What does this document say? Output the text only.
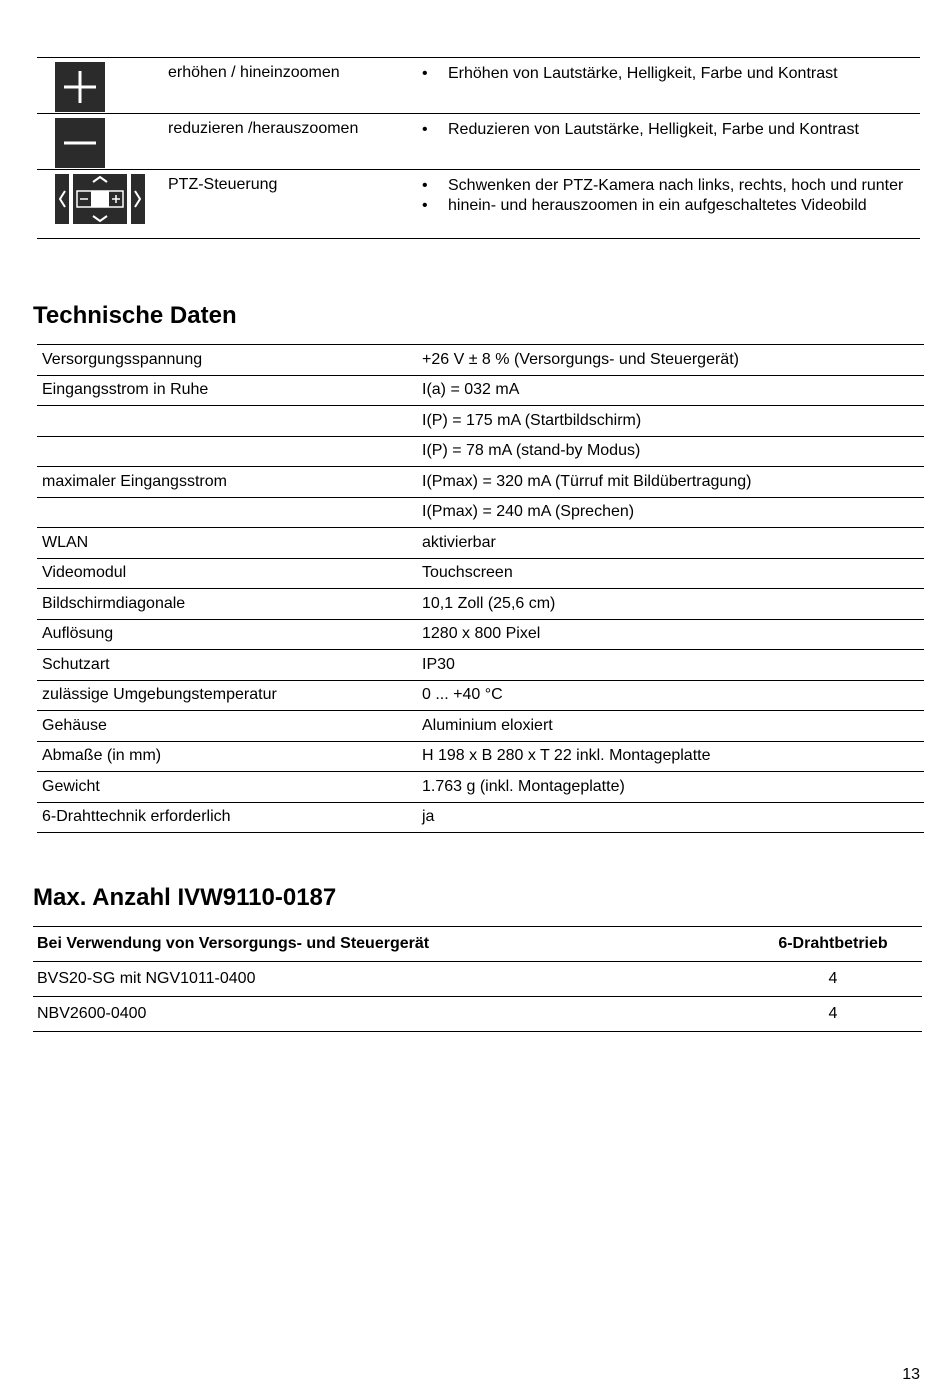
erhöhen / hineinzoomen	• Erhöhen von Lautstärke, Helligkeit, Farbe und Kontrast
reduzieren /herauszoomen	• Reduzieren von Lautstärke, Helligkeit, Farbe und Kontrast
PTZ-Steuerung	• Schwenken der PTZ-Kamera nach links, rechts, hoch und runter
• hinein- und herauszoomen in ein aufgeschaltetes Videobild
Technische Daten
Versorgungsspannung	+26 V ± 8 % (Versorgungs- und Steuergerät)
Eingangsstrom in Ruhe	I(a) = 032 mA
	I(P) = 175 mA (Startbildschirm)
	I(P) = 78 mA (stand-by Modus)
maximaler Eingangsstrom	I(Pmax) = 320 mA (Türruf mit Bildübertragung)
	I(Pmax) = 240 mA (Sprechen)
WLAN	aktivierbar
Videomodul	Touchscreen
Bildschirmdiagonale	10,1 Zoll (25,6 cm)
Auflösung	1280 x 800 Pixel
Schutzart	IP30
zulässige Umgebungstemperatur	0 ... +40 °C
Gehäuse	Aluminium eloxiert
Abmaße (in mm)	H 198 x B 280 x T 22 inkl. Montageplatte
Gewicht	1.763 g (inkl. Montageplatte)
6-Drahttechnik erforderlich	ja
Max. Anzahl IVW9110-0187
Bei Verwendung von Versorgungs- und Steuergerät	6-Drahtbetrieb
BVS20-SG mit NGV1011-0400	4
NBV2600-0400	4
13
